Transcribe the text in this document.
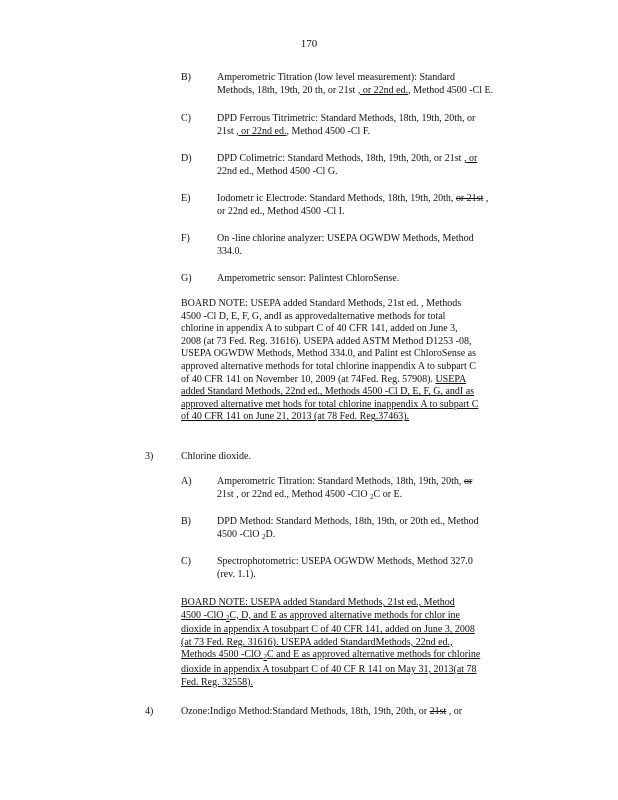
170
B)	Amperometric Titration (low level measurement): Standard
Methods, 18th, 19th, 20 th, or 21st , or 22nd ed., Method 4500 -Cl E.
C)	DPD Ferrous Titrimetric: Standard Methods, 18th, 19th, 20th, or
21st , or 22nd ed., Method 4500 -Cl F.
D)	DPD Colimetric: Standard Methods, 18th, 19th, 20th, or 21st , or
22nd ed., Method 4500 -Cl G.
E)	Iodometr ic Electrode: Standard Methods, 18th, 19th, 20th, or 21st ,
or 22nd ed., Method 4500 -Cl I.
F)	On -line chlorine analyzer: USEPA OGWDW Methods, Method
334.0.
G)	Amperometric sensor: Palintest ChloroSense.
BOARD NOTE: USEPA added Standard Methods, 21st ed. , Methods
4500 -Cl D, E, F, G, andI as approvedalternative methods for total
chlorine in appendix A to subpart C of 40 CFR 141, added on June 3,
2008 (at 73 Fed. Reg. 31616). USEPA added ASTM Method D1253 -08,
USEPA OGWDW Methods, Method 334.0, and Palint est ChloroSense as
approved alternative methods for total chlorine inappendix A to subpart C
of 40 CFR 141 on November 10, 2009 (at 74Fed. Reg. 57908). USEPA
added Standard Methods, 22nd ed., Methods 4500 -Cl D, E, F, G, andI as
approved alternative met hods for total chlorine inappendix A to subpart C
of 40 CFR 141 on June 21, 2013 (at 78 Fed. Reg.37463).
3)	Chlorine dioxide.
A)	Amperometric Titration: Standard Methods, 18th, 19th, 20th, or
21st , or 22nd ed., Method 4500 -ClO $_2$C or E.
B)	DPD Method: Standard Methods, 18th, 19th, or 20th ed., Method
4500 -ClO $_2$D.
C)	Spectrophotometric: USEPA OGWDW Methods, Method 327.0
(rev. 1.1).
BOARD NOTE: USEPA added Standard Methods, 21st ed., Method
4500 -ClO $_2$C, D, and E as approved alternative methods for chlor ine
dioxide in appendix A tosubpart C of 40 CFR 141, added on June 3, 2008
(at 73 Fed. Reg. 31616). USEPA added StandardMethods, 22nd ed.,
Methods 4500 -ClO $_2$C and E as approved alternative methods for chlorine
dioxide in appendix A tosubpart C of 40 CF R 141 on May 31, 2013(at 78
Fed. Reg. 32558).
4)	Ozone:Indigo Method:Standard Methods, 18th, 19th, 20th, or 21st , or
